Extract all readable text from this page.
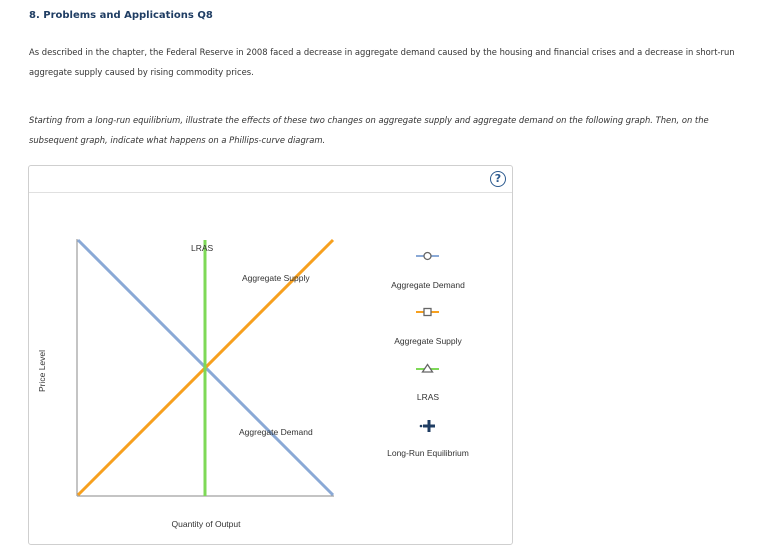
8. Problems and Applications Q8
As described in the chapter, the Federal Reserve in 2008 faced a decrease in aggregate demand caused by the housing and financial crises and a decrease in short-run aggregate supply caused by rising commodity prices.
Starting from a long-run equilibrium, illustrate the effects of these two changes on aggregate supply and aggregate demand on the following graph. Then, on the subsequent graph, indicate what happens on a Phillips-curve diagram.
?
LRAS
Aggregate Supply
Aggregate Demand
Price Level
Quantity of Output
Aggregate Demand
Aggregate Supply
LRAS
Long-Run Equilibrium
